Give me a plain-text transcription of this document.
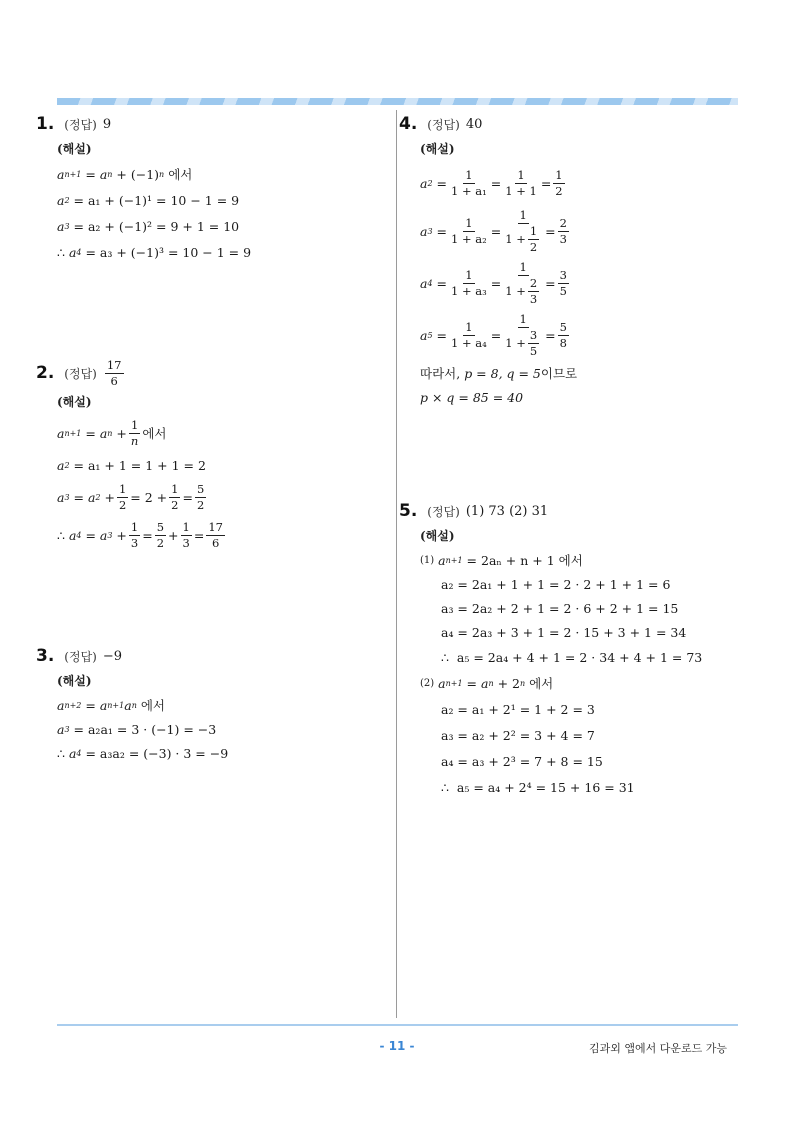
1. (정답) 9
(해설)
a n+1 = a n + (−1) n
에서
a 2
= a₁ + (−1)¹ = 10 − 1 = 9
a 3
= a₂ + (−1)² = 9 + 1 = 10
∴
a 4
= a₃ + (−1)³ = 10 − 1 = 9
2. (정답) $\frac{17}{6}$
(해설)
a n+1 = a $n + \frac{1}{n}$ 에서
a 2
= a₁ + 1 = 1 + 1 = 2
a 3 = a $2 + \frac{1}{2} = 2 + \frac{1}{2} = \frac{5}{2}$
∴
a 4 = a $3 + \frac{1}{3} = \frac{5}{2} + \frac{1}{3} = \frac{17}{6}$
3. (정답) −9
(해설)
a n+2 = a n+1 a n
에서
a 3
= a₂a₁ = 3 · (−1) = −3
∴
a 4
= a₃a₂ = (−3) · 3 = −9
4. (정답) 40
(해설)
a $2 = \frac{1}{\text{1 + a₁}} = \frac{1}{1 + 1} = \frac{1}{2}$
a $3 = \frac{1}{\text{1 + a₂}} = \frac{1}{1 + \frac{1}{2}} = \frac{2}{3}$
a $4 = \frac{1}{\text{1 + a₃}} = \frac{1}{1 + \frac{2}{3}} = \frac{3}{5}$
a $5 = \frac{1}{\text{1 + a₄}} = \frac{1}{1 + \frac{3}{5}} = \frac{5}{8}$
따라서,
p = 8, q = 5 이므로
p × q = 85 = 40
5. (정답) (1) 73 (2) 31
(해설)
(1)
a n+1
= 2aₙ + n + 1
에서
a₂ = 2a₁ + 1 + 1 = 2 · 2 + 1 + 1 = 6
a₃ = 2a₂ + 2 + 1 = 2 · 6 + 2 + 1 = 15
a₄ = 2a₃ + 3 + 1 = 2 · 15 + 3 + 1 = 34
∴
a₅ = 2a₄ + 4 + 1 = 2 · 34 + 4 + 1 = 73
(2)
a n+1 = a n + 2 n
에서
a₂ = a₁ + 2¹ = 1 + 2 = 3
a₃ = a₂ + 2² = 3 + 4 = 7
a₄ = a₃ + 2³ = 7 + 8 = 15
∴
a₅ = a₄ + 2⁴ = 15 + 16 = 31
- 11 -	김과외 앱에서 다운로드 가능
